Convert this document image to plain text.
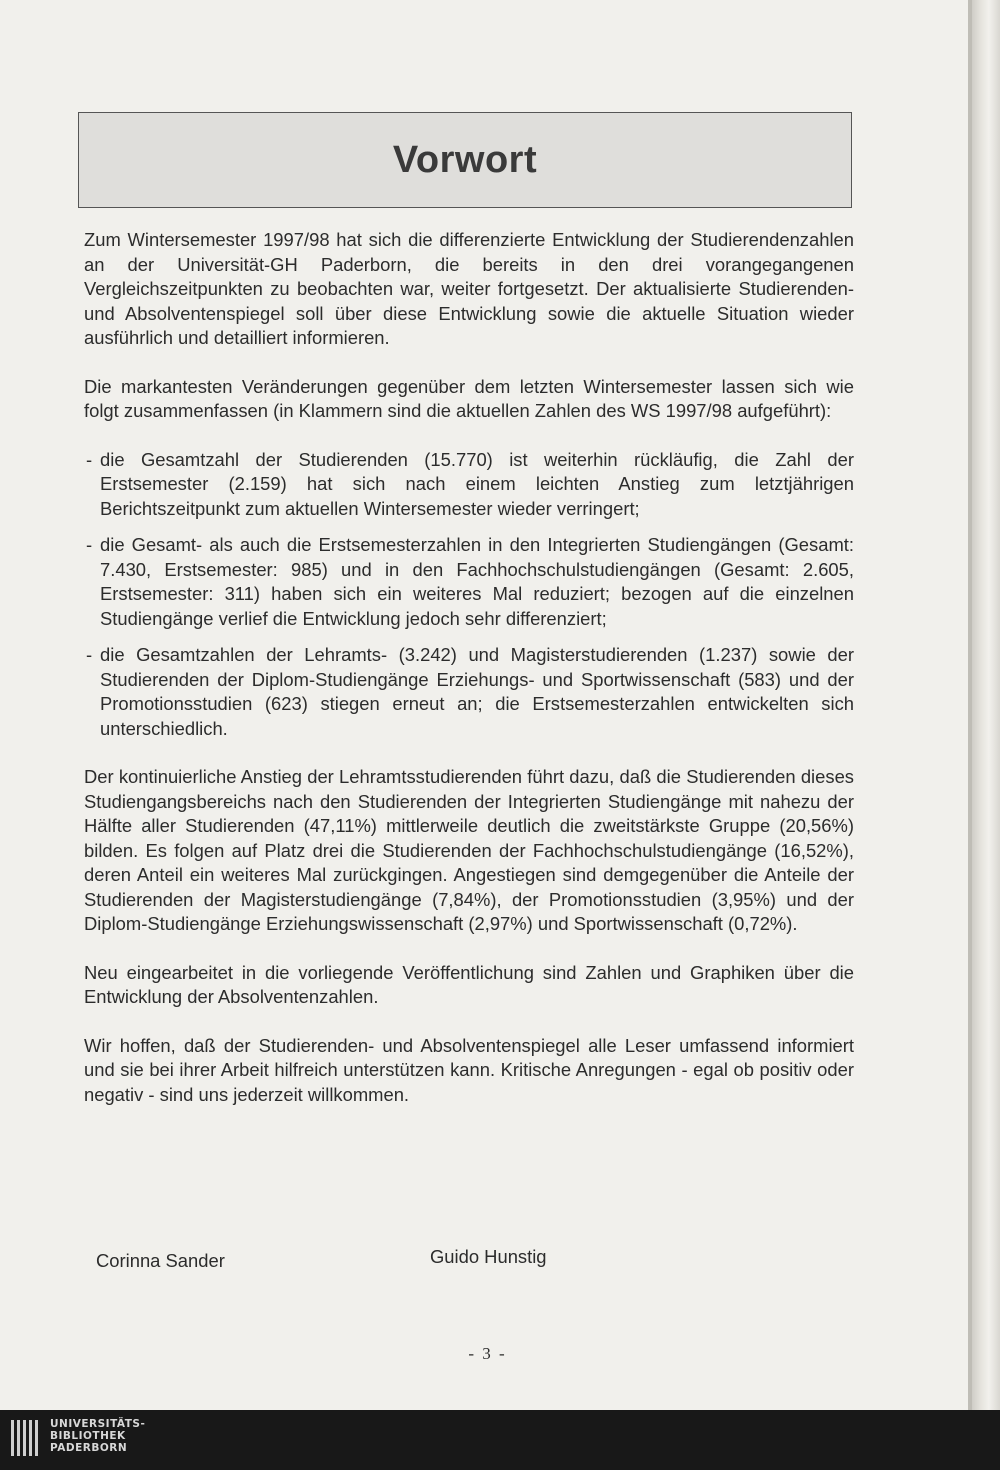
Vorwort

Zum Wintersemester 1997/98 hat sich die differenzierte Entwicklung der Studierendenzahlen an der Universität-GH Paderborn, die bereits in den drei vorangegangenen Vergleichszeitpunkten zu beobachten war, weiter fortgesetzt. Der aktualisierte Studierenden- und Absolventenspiegel soll über diese Entwicklung sowie die aktuelle Situation wieder ausführlich und detailliert informieren.

Die markantesten Veränderungen gegenüber dem letzten Wintersemester lassen sich wie folgt zusammenfassen (in Klammern sind die aktuellen Zahlen des WS 1997/98 aufgeführt):

- die Gesamtzahl der Studierenden (15.770) ist weiterhin rückläufig, die Zahl der Erstsemester (2.159) hat sich nach einem leichten Anstieg zum letztjährigen Berichtszeitpunkt zum aktuellen Wintersemester wieder verringert;
- die Gesamt- als auch die Erstsemesterzahlen in den Integrierten Studiengängen (Gesamt: 7.430, Erstsemester: 985) und in den Fachhochschulstudiengängen (Gesamt: 2.605, Erstsemester: 311) haben sich ein weiteres Mal reduziert; bezogen auf die einzelnen Studiengänge verlief die Entwicklung jedoch sehr differenziert;
- die Gesamtzahlen der Lehramts- (3.242) und Magisterstudierenden (1.237) sowie der Studierenden der Diplom-Studiengänge Erziehungs- und Sportwissenschaft (583) und der Promotionsstudien (623) stiegen erneut an; die Erstsemesterzahlen entwickelten sich unterschiedlich.

Der kontinuierliche Anstieg der Lehramtsstudierenden führt dazu, daß die Studierenden dieses Studiengangsbereichs nach den Studierenden der Integrierten Studiengänge mit nahezu der Hälfte aller Studierenden (47,11%) mittlerweile deutlich die zweitstärkste Gruppe (20,56%) bilden. Es folgen auf Platz drei die Studierenden der Fachhochschulstudiengänge (16,52%), deren Anteil ein weiteres Mal zurückgingen. Angestiegen sind demgegenüber die Anteile der Studierenden der Magisterstudiengänge (7,84%), der Promotionsstudien (3,95%) und der Diplom-Studiengänge Erziehungswissenschaft (2,97%) und Sportwissenschaft (0,72%).

Neu eingearbeitet in die vorliegende Veröffentlichung sind Zahlen und Graphiken über die Entwicklung der Absolventenzahlen.

Wir hoffen, daß der Studierenden- und Absolventenspiegel alle Leser umfassend informiert und sie bei ihrer Arbeit hilfreich unterstützen kann. Kritische Anregungen - egal ob positiv oder negativ - sind uns jederzeit willkommen.

Corinna Sander	Guido Hunstig
- 3 -
UNIVERSITÄTS-
BIBLIOTHEK
PADERBORN
